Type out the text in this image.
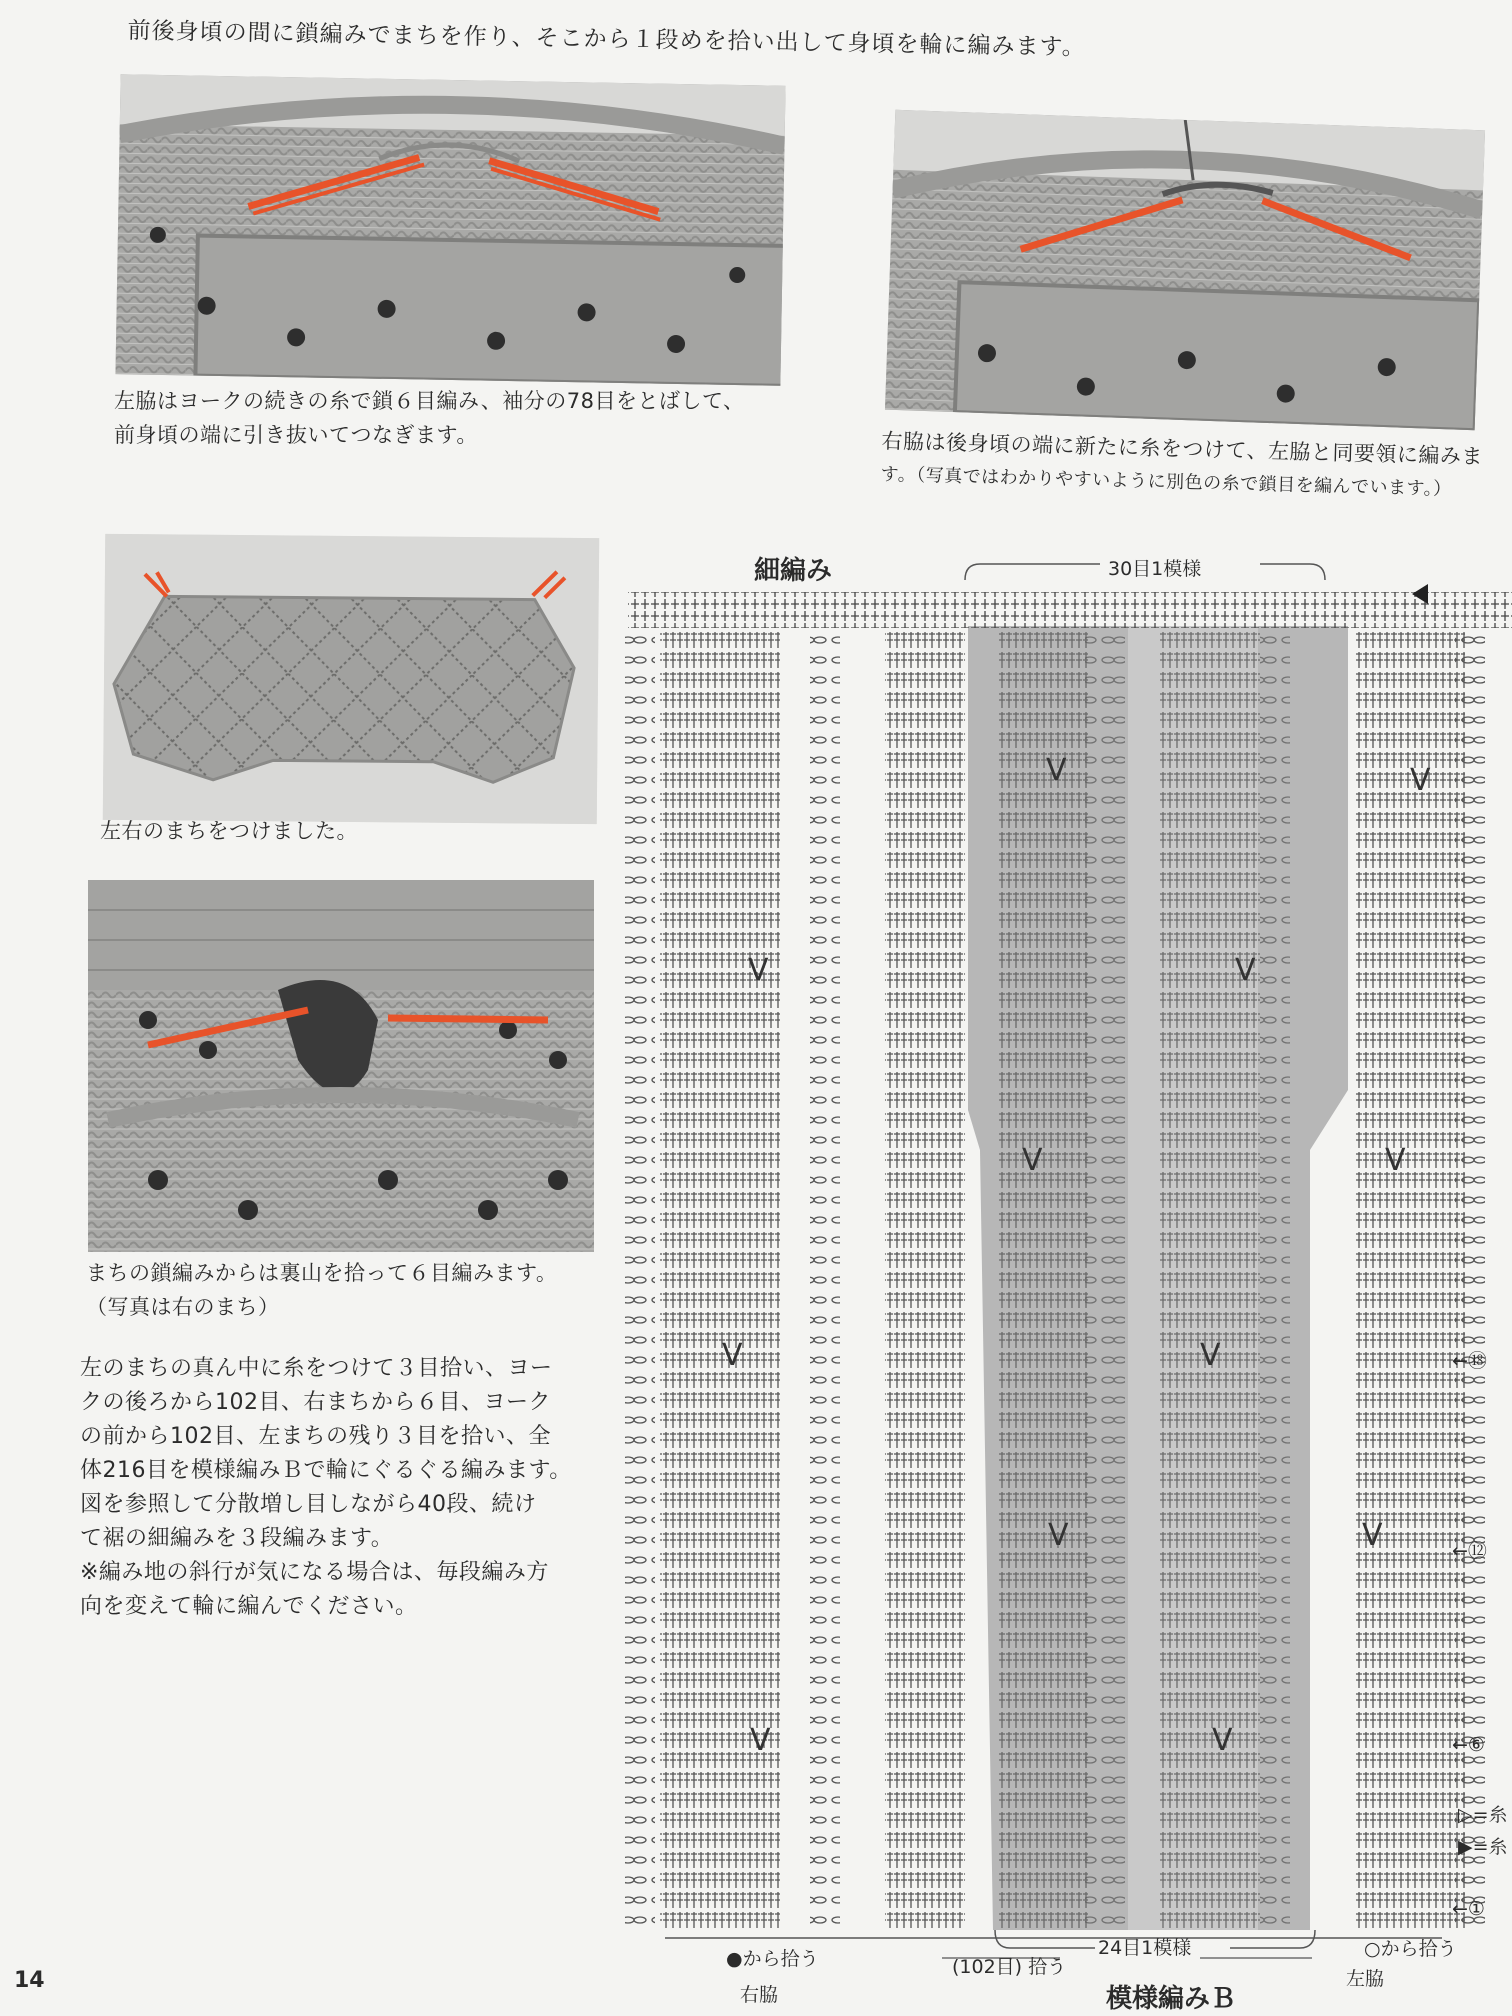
前後身頃の間に鎖編みでまちを作り、そこから１段めを拾い出して身頃を輪に編みます。
左脇はヨークの続きの糸で鎖６目編み、袖分の78目をとばして、
前身頃の端に引き抜いてつなぎます。	右脇は後身頃の端に新たに糸をつけて、左脇と同要領に編みま
す。（写真ではわかりやすいように別色の糸で鎖目を編んでいます。）
左右のまちをつけました。
まちの鎖編みからは裏山を拾って６目編みます。
（写真は右のまち）
左のまちの真ん中に糸をつけて３目拾い、ヨー
クの後ろから102目、右まちから６目、ヨーク
の前から102目、左まちの残り３目を拾い、全
体216目を模様編みＢで輪にぐるぐる編みます。
図を参照して分散増し目しながら40段、続け
て裾の細編みを３段編みます。
※編み地の斜行が気になる場合は、毎段編み方
向を変えて輪に編んでください。
V	V
V	V
V	V
V	V
V	V
V	V
細編み	30目1模様
24目1模様
(102目) 拾う
●から拾う	○から拾う
右脇
左脇
模様編みＢ
←⑱
←⑫
←⑥
←①
▷=糸
▶=糸
14
